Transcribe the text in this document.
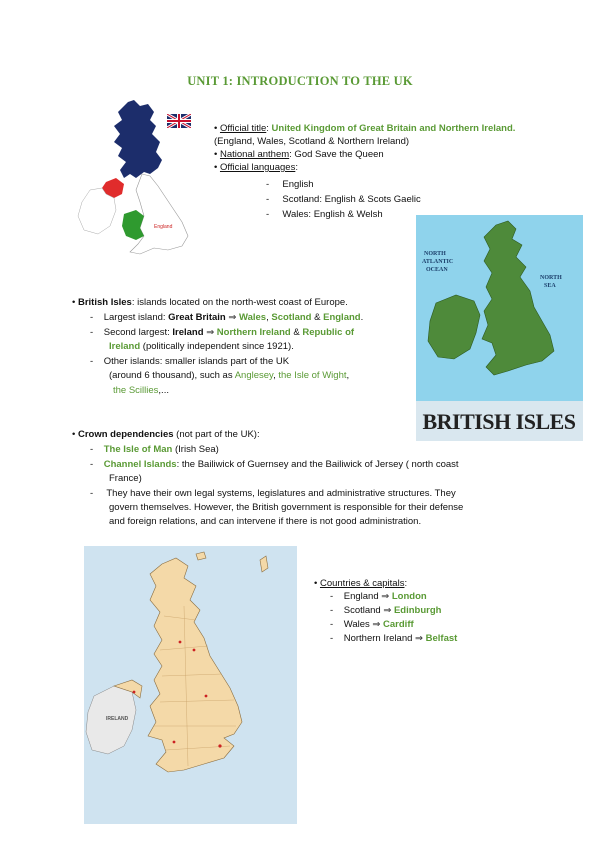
UNIT 1: INTRODUCTION TO THE UK
England
• Official title: United Kingdom of Great Britain and Northern Ireland. (England, Wales, Scotland & Northern Ireland)
• National anthem: God Save the Queen
• Official languages:
- English
- Scotland: English & Scots Gaelic
- Wales: English & Welsh
NORTH ATLANTIC OCEAN
NORTH SEA
BRITISH ISLES
• British Isles: islands located on the north-west coast of Europe.
- Largest island: Great Britain ⇒ Wales, Scotland & England.
- Second largest: Ireland ⇒ Northern Ireland & Republic of
Ireland (politically independent since 1921).
- Other islands: smaller islands part of the UK
(around 6 thousand), such as Anglesey, the Isle of Wight,
the Scillies,...
• Crown dependencies (not part of the UK):
- The Isle of Man (Irish Sea)
- Channel Islands: the Bailiwick of Guernsey and the Bailiwick of Jersey ( north coast
France)
- They have their own legal systems, legislatures and administrative structures. They
govern themselves. However, the British government is responsible for their defense
and foreign relations, and can intervene if there is not good administration.
IRELAND
• Countries & capitals:
- England ⇒ London
- Scotland ⇒ Edinburgh
- Wales ⇒ Cardiff
- Northern Ireland ⇒ Belfast
